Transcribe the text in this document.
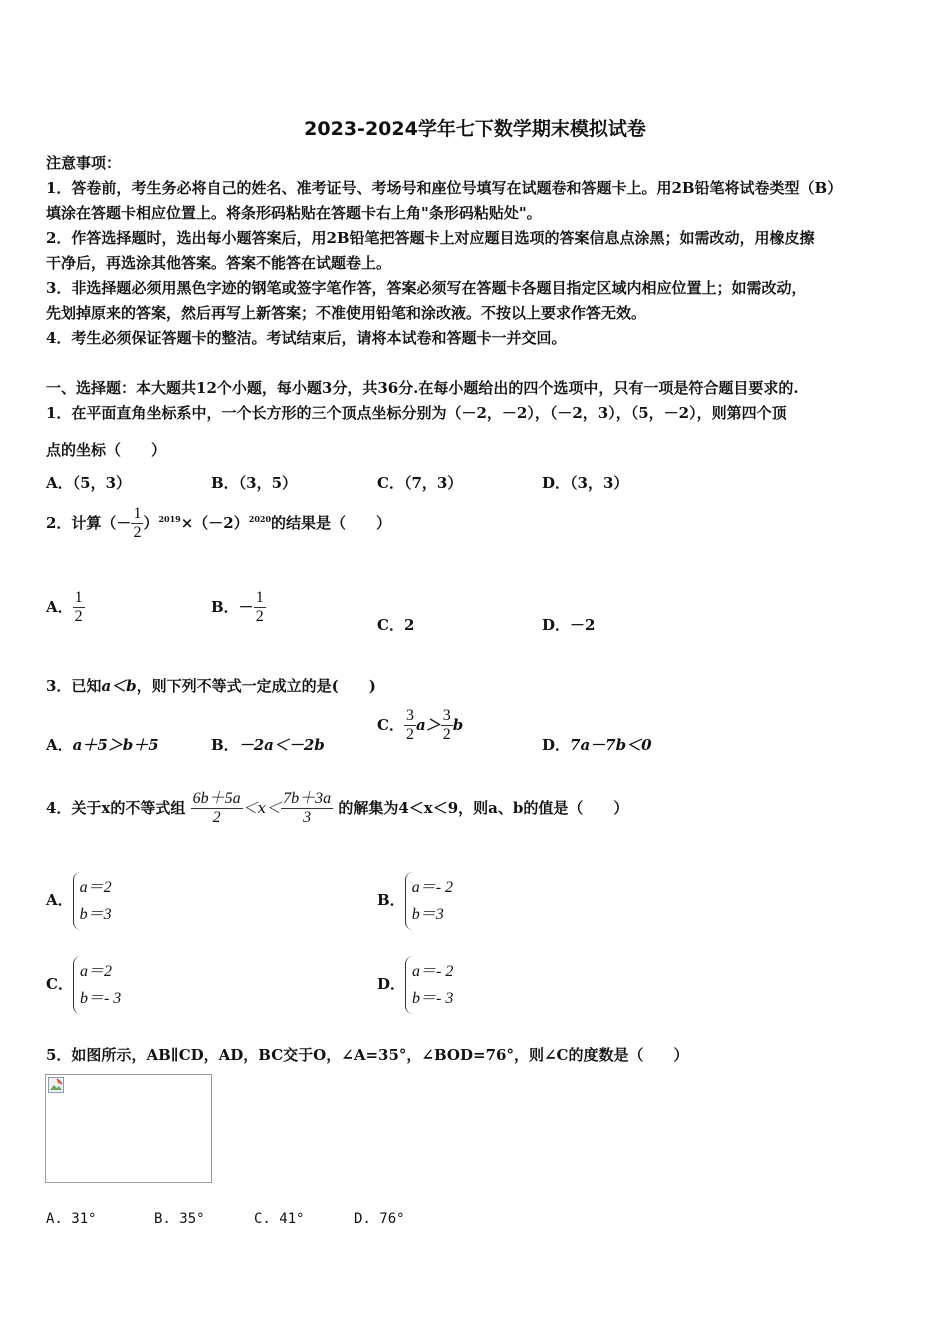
2023-2024学年七下数学期末模拟试卷
注意事项：
1．答卷前，考生务必将自己的姓名、准考证号、考场号和座位号填写在试题卷和答题卡上。用2B铅笔将试卷类型（B）
填涂在答题卡相应位置上。将条形码粘贴在答题卡右上角"条形码粘贴处"。
2．作答选择题时，选出每小题答案后，用2B铅笔把答题卡上对应题目选项的答案信息点涂黑；如需改动，用橡皮擦
干净后，再选涂其他答案。答案不能答在试题卷上。
3．非选择题必须用黑色字迹的钢笔或签字笔作答，答案必须写在答题卡各题目指定区域内相应位置上；如需改动，
先划掉原来的答案，然后再写上新答案；不准使用铅笔和涂改液。不按以上要求作答无效。
4．考生必须保证答题卡的整洁。考试结束后，请将本试卷和答题卡一并交回。
一、选择题：本大题共12个小题，每小题3分，共36分.在每小题给出的四个选项中，只有一项是符合题目要求的.
1．在平面直角坐标系中，一个长方形的三个顶点坐标分别为（－2，－2），（－2，3），（5，－2），则第四个顶
点的坐标（　　）
A．（5，3）	B．（3，5）	C．（7，3）	D．（3，3）
2．计算（－ $\frac{1}{2} )^{2019}\times(-2)^{2020}$的结果是（　　）
A． $\frac{1}{2}$	B．－ $\frac{1}{2}$	C．2	D．－2
3．已知a＜b，则下列不等式一定成立的是(　　)
A．a＋5＞b＋5	B．－2a＜－2b
C． $\frac{3}{2} a> \frac{3}{2}$ b
D．7a－7b＜0
4．关于x的不等式组 $\frac{6b+5a}{2} <x< \frac{7b+3a}{3}$ 的解集为4＜x＜9，则a、b的值是（　　）
A．
a＝2
b＝3
B．
a＝- 2
b＝3
C．
a＝2
b＝- 3
D．
a＝- 2
b＝- 3
5．如图所示，AB∥CD，AD，BC交于O，∠A=35°，∠BOD=76°，则∠C的度数是（　　）
A. 31°	B. 35°	C. 41°	D. 76°
